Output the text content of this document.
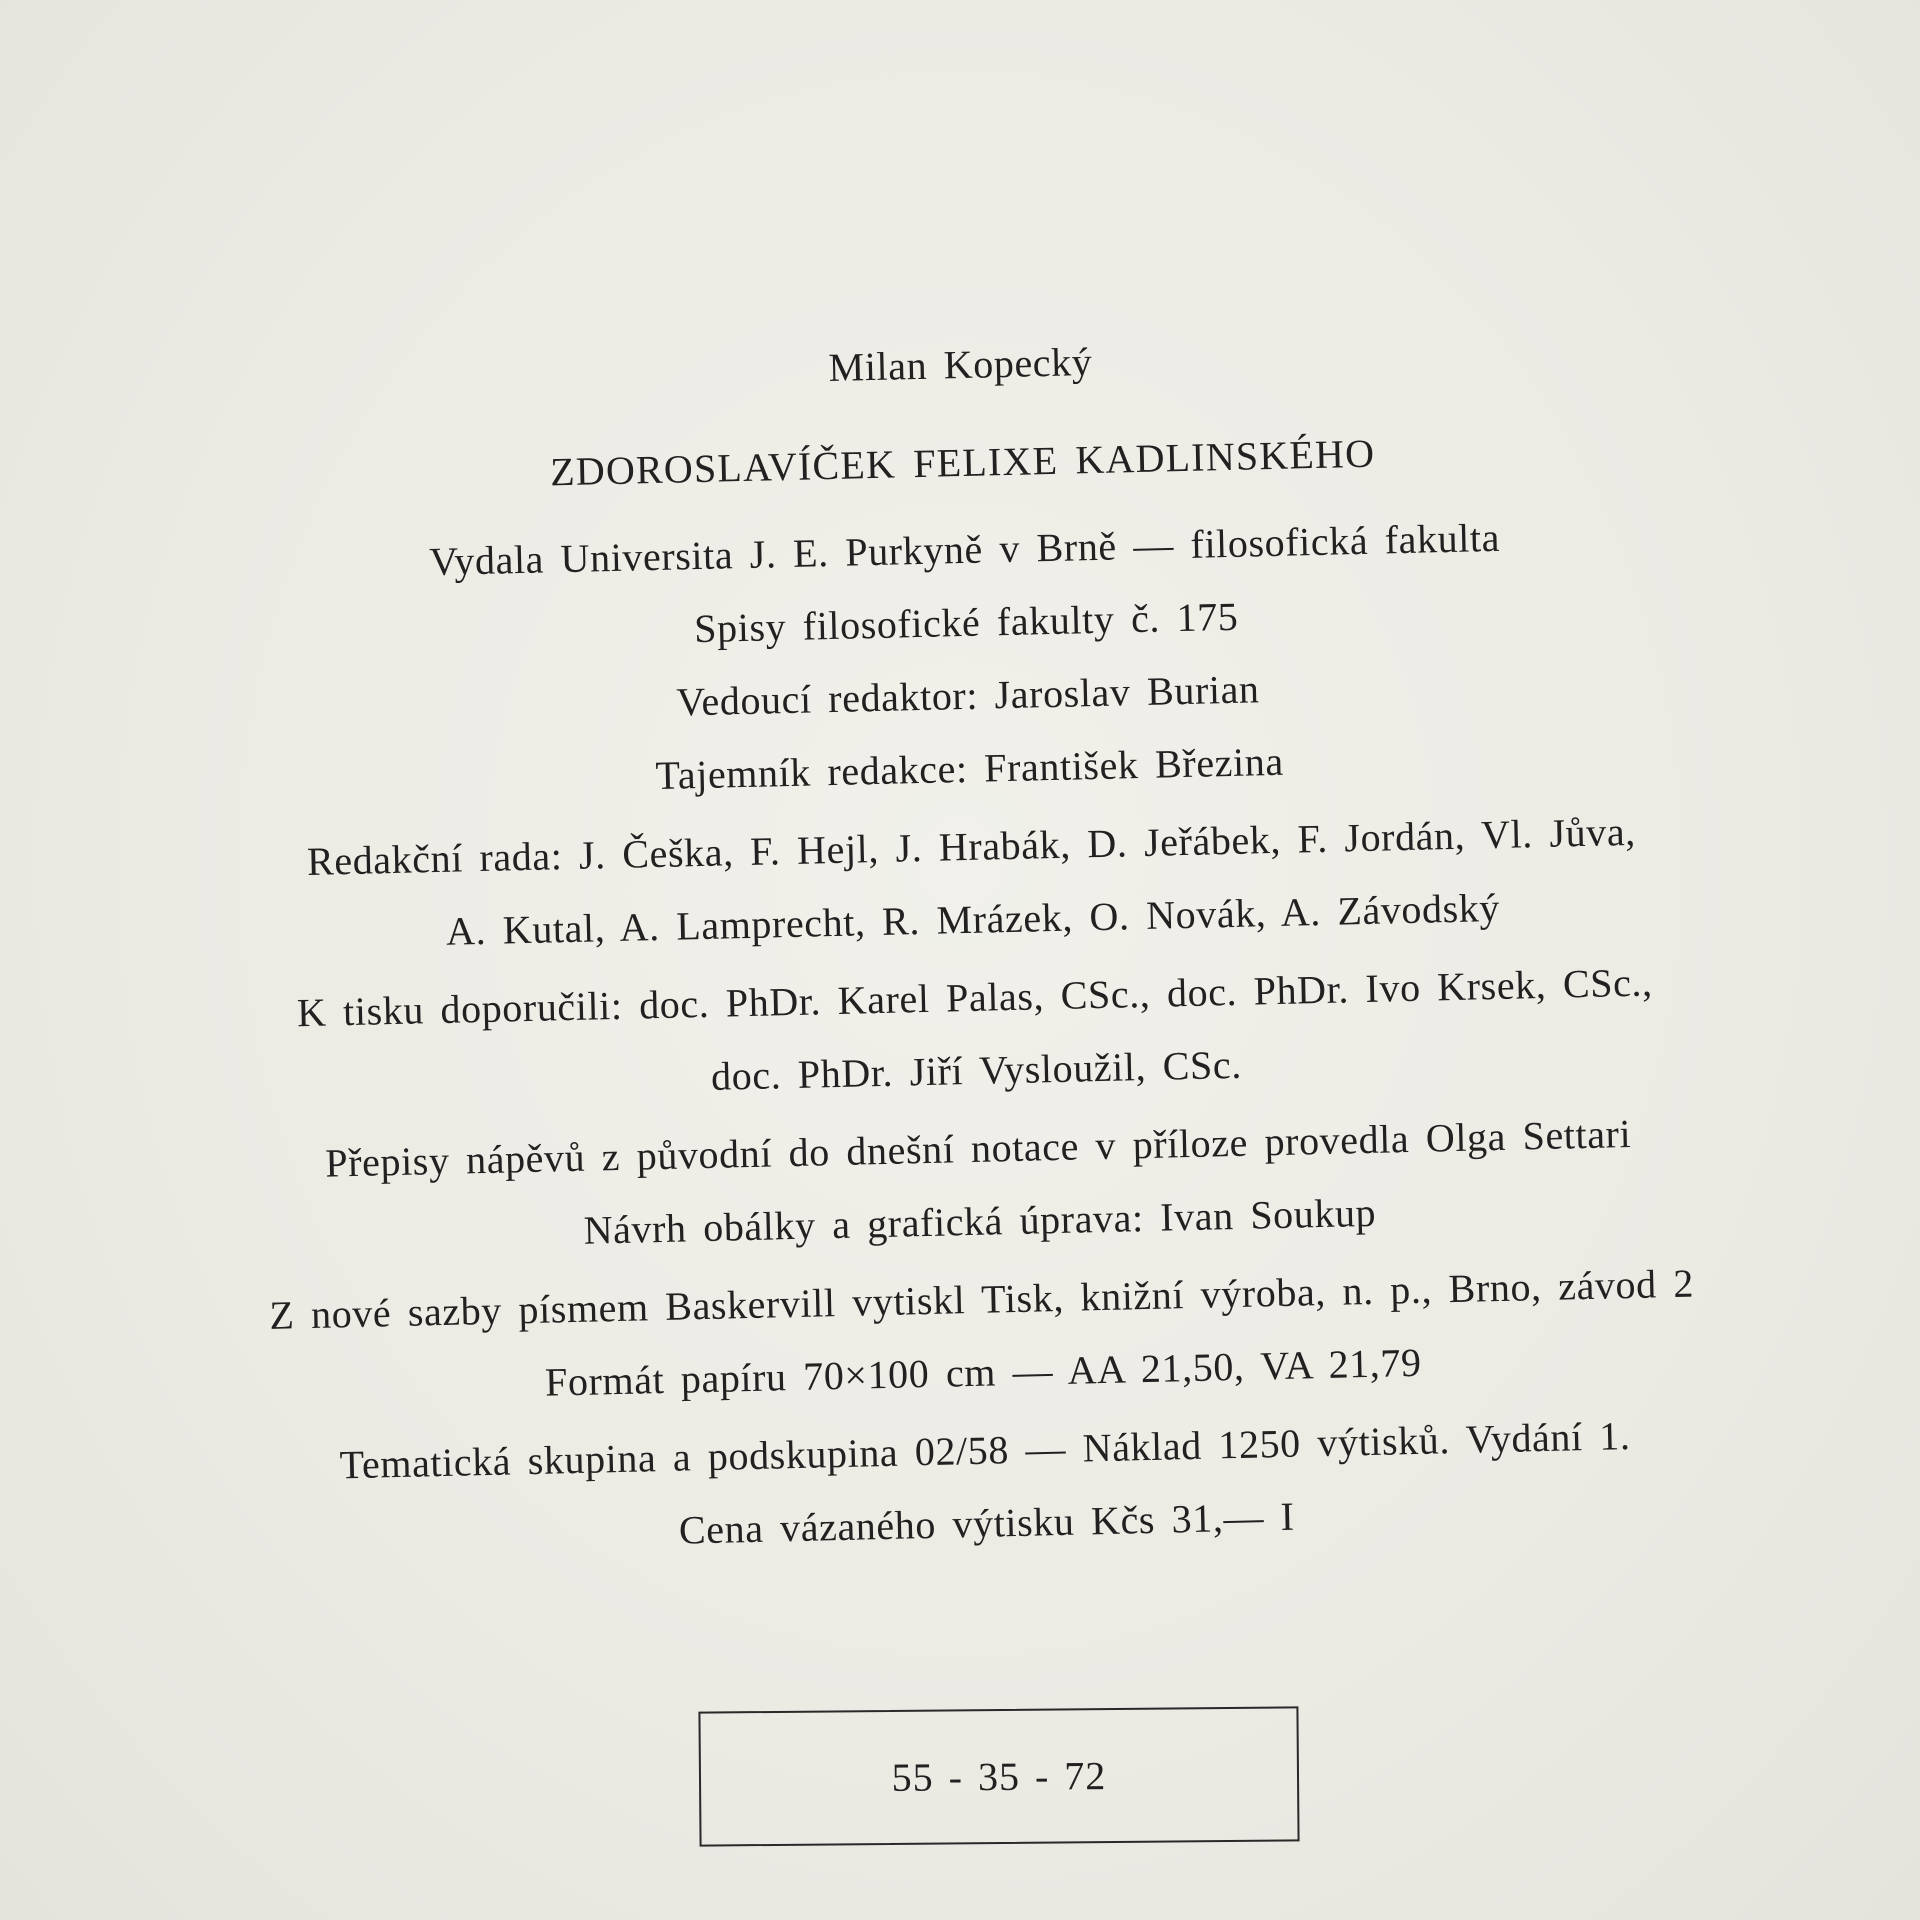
Milan Kopecký
ZDOROSLAVÍČEK FELIXE KADLINSKÉHO
Vydala Universita J. E. Purkyně v Brně — filosofická fakulta
Spisy filosofické fakulty č. 175
Vedoucí redaktor: Jaroslav Burian
Tajemník redakce: František Březina
Redakční rada: J. Češka, F. Hejl, J. Hrabák, D. Jeřábek, F. Jordán, Vl. Jůva,
A. Kutal, A. Lamprecht, R. Mrázek, O. Novák, A. Závodský
K tisku doporučili: doc. PhDr. Karel Palas, CSc., doc. PhDr. Ivo Krsek, CSc.,
doc. PhDr. Jiří Vysloužil, CSc.
Přepisy nápěvů z původní do dnešní notace v příloze provedla Olga Settari
Návrh obálky a grafická úprava: Ivan Soukup
Z nové sazby písmem Baskervill vytiskl Tisk, knižní výroba, n. p., Brno, závod 2
Formát papíru 70×100 cm — AA 21,50, VA 21,79
Tematická skupina a podskupina 02/58 — Náklad 1250 výtisků. Vydání 1.
Cena vázaného výtisku Kčs 31,— I
55 - 35 - 72
